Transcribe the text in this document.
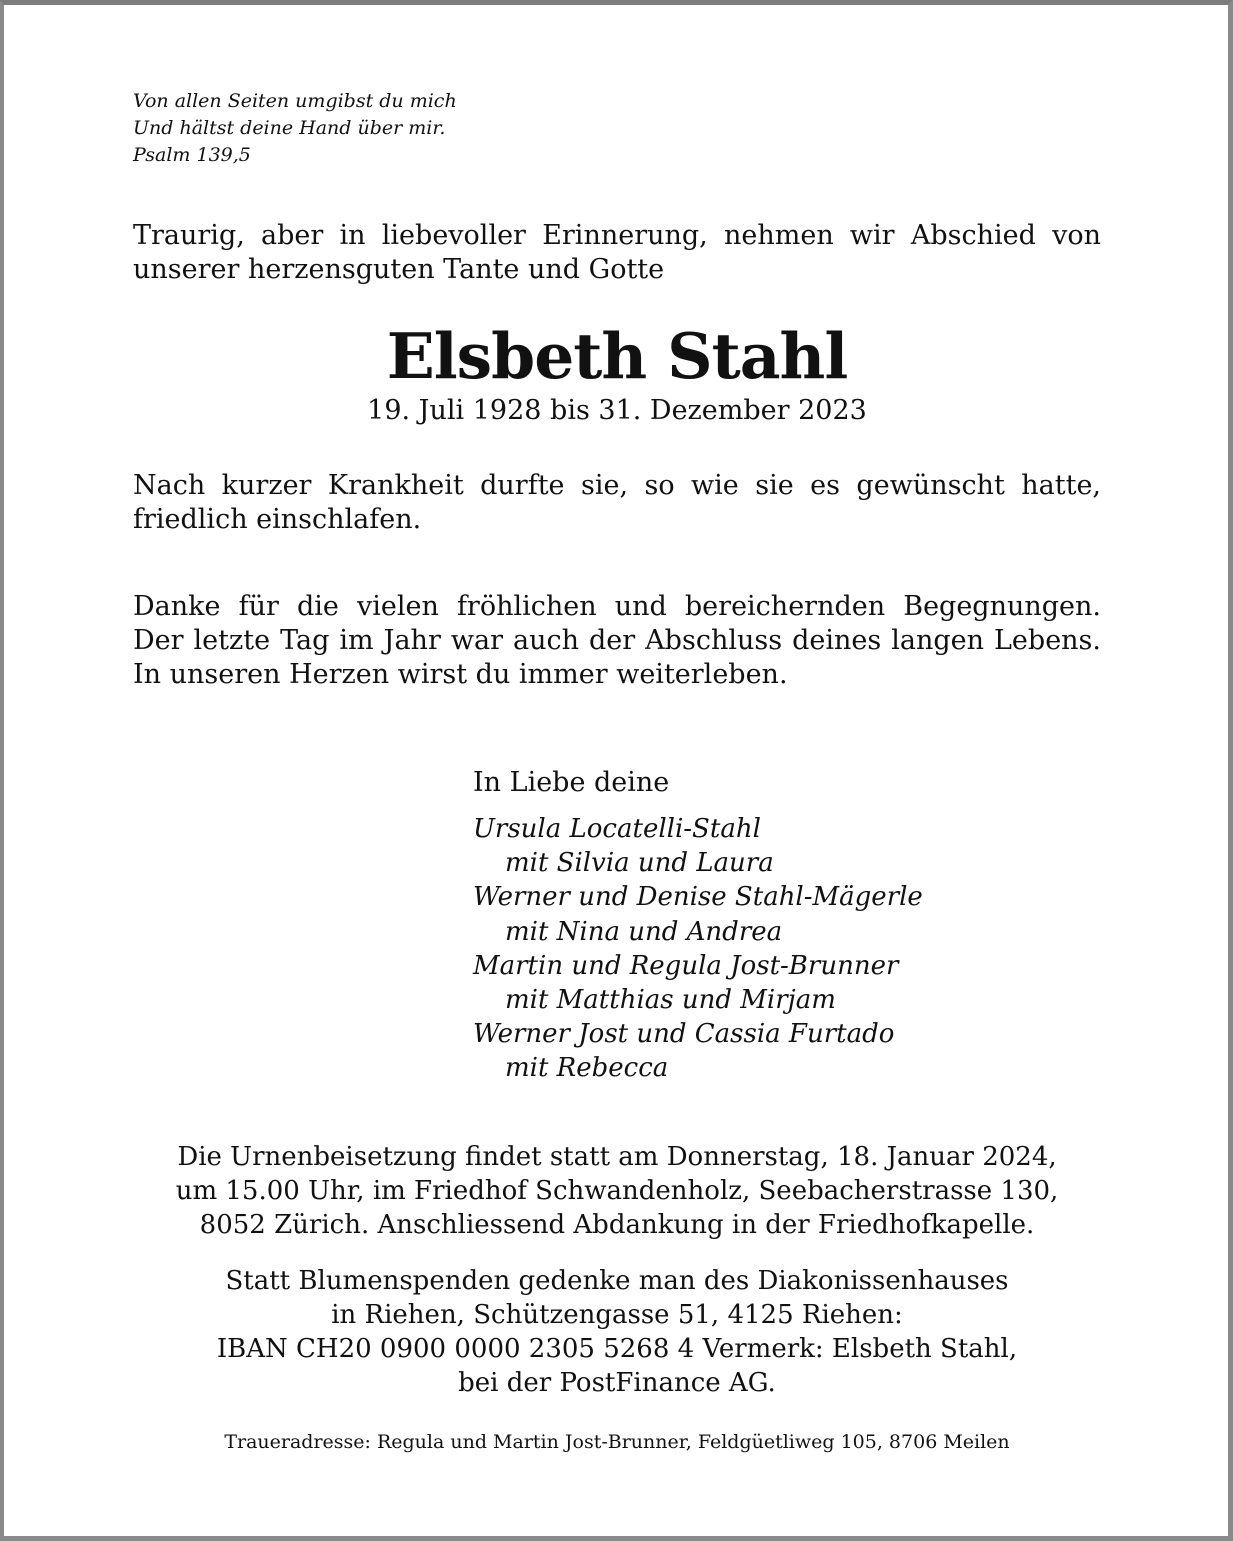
Von allen Seiten umgibst du mich
Und hältst deine Hand über mir.
Psalm 139,5
Traurig, aber in liebevoller Erinnerung, nehmen wir Abschied von
unserer herzensguten Tante und Gotte
Elsbeth Stahl
19. Juli 1928 bis 31. Dezember 2023
Nach kurzer Krankheit durfte sie, so wie sie es gewünscht hatte,
friedlich einschlafen.
Danke für die vielen fröhlichen und bereichernden Begegnungen.
Der letzte Tag im Jahr war auch der Abschluss deines langen Lebens.
In unseren Herzen wirst du immer weiterleben.
In Liebe deine
Ursula Locatelli-Stahl
mit Silvia und Laura
Werner und Denise Stahl-Mägerle
mit Nina und Andrea
Martin und Regula Jost-Brunner
mit Matthias und Mirjam
Werner Jost und Cassia Furtado
mit Rebecca
Die Urnenbeisetzung findet statt am Donnerstag, 18. Januar 2024,
um 15.00 Uhr, im Friedhof Schwandenholz, Seebacherstrasse 130,
8052 Zürich. Anschliessend Abdankung in der Friedhofkapelle.
Statt Blumenspenden gedenke man des Diakonissenhauses
in Riehen, Schützengasse 51, 4125 Riehen:
IBAN CH20 0900 0000 2305 5268 4 Vermerk: Elsbeth Stahl,
bei der PostFinance AG.
Traueradresse: Regula und Martin Jost-Brunner, Feldgüetliweg 105, 8706 Meilen
